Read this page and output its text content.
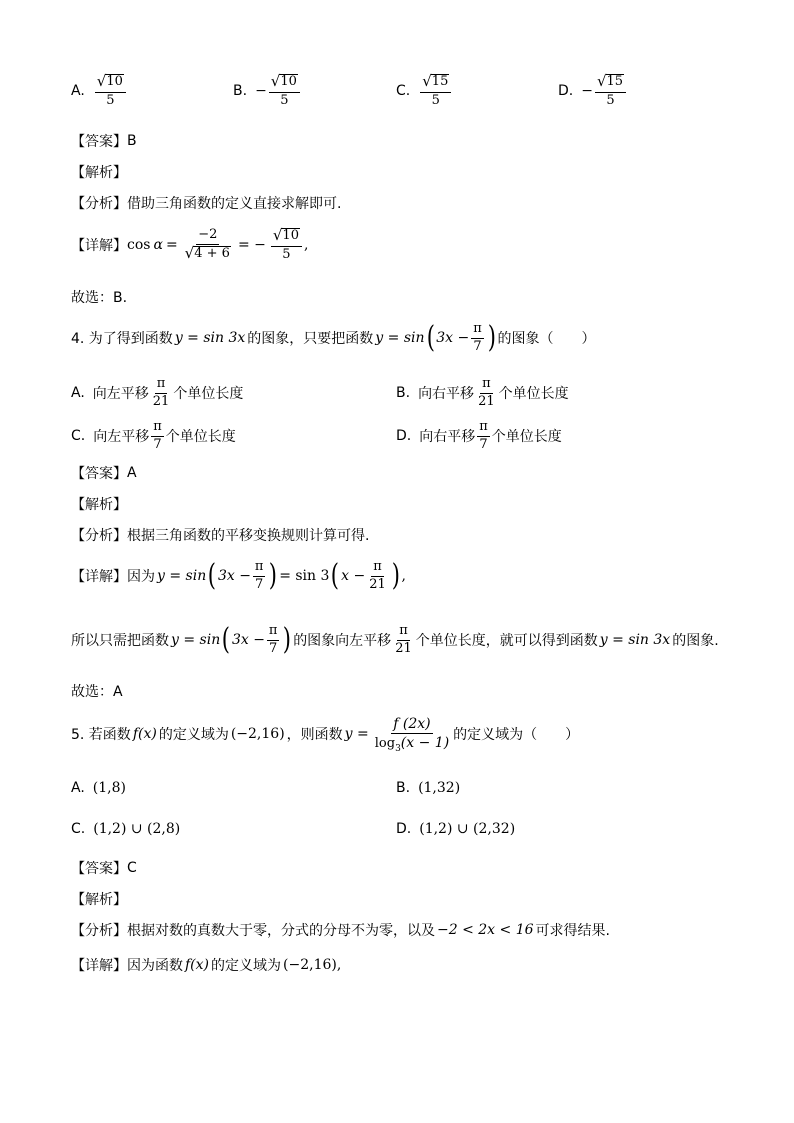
A. $\frac{√ 10}{5}$	B. − $\frac{√ 10}{5}$	C. $\frac{√ 15}{5}$	D. − $\frac{√ 15}{5}$
【答案】 B
【解析】
【分析】 借助三角函数的定义直接求解即可.
【详解】 $\cos \alpha = \frac{-2}{√ 4 + 6}$ = − $\frac{√ 10}{5}$ ,
故选：B.
4. 为了得到函数 y = sin 3x 的图象，只要把函数 y = sin ( $3x - \frac{\pi}{7}$ ) 的图象（　　）
A. 向左平移 $\frac{\pi}{21}$ 个单位长度	B. 向右平移 $\frac{\pi}{21}$ 个单位长度
C. 向左平移 $\frac{\pi}{7}$ 个单位长度	D. 向右平移 $\frac{\pi}{7}$ 个单位长度
【答案】 A
【解析】
【分析】 根据三角函数的平移变换规则计算可得.
【详解】 因为 y = sin ( $3x - \frac{\pi}{7}$ ) = sin 3 ( $x - \frac{\pi}{21}$ ) ,
所以只需把函数 y = sin ( $3x - \frac{\pi}{7}$ ) 的图象向左平移 $\frac{\pi}{21}$ 个单位长度，就可以得到函数 y = sin 3x 的图象.
故选：A
5. 若函数 f(x) 的定义域为 (−2,16) ，则函数 $y = \frac{f (2x)}{\log_3(x - 1)}$ 的定义域为（　　）
A. (1,8)	B. (1,32)
C. (1,2) ∪ (2,8)	D. (1,2) ∪ (2,32)
【答案】 C
【解析】
【分析】 根据对数的真数大于零，分式的分母不为零，以及 −2 < 2x < 16 可求得结果.
【详解】 因为函数 f(x) 的定义域为 (−2,16) ,
